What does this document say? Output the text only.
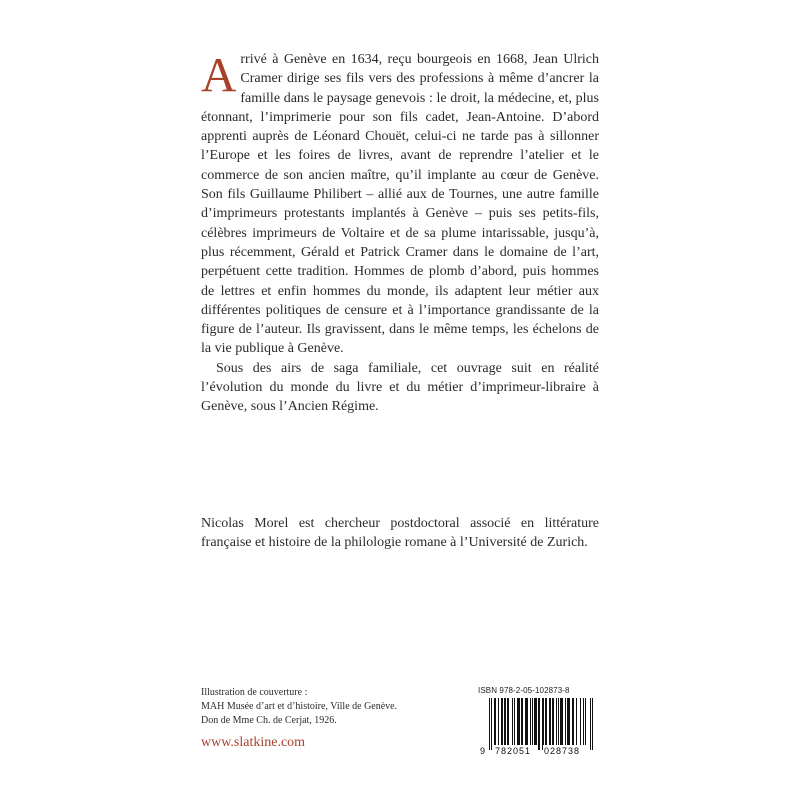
Arrivé à Genève en 1634, reçu bourgeois en 1668, Jean Ulrich Cramer dirige ses fils vers des professions à même d’ancrer la famille dans le paysage genevois : le droit, la médecine, et, plus étonnant, l’imprimerie pour son fils cadet, Jean-Antoine. D’abord apprenti auprès de Léonard Chouët, celui-ci ne tarde pas à sillonner l’Europe et les foires de livres, avant de reprendre l’atelier et le commerce de son ancien maître, qu’il implante au cœur de Genève. Son fils Guillaume Philibert – allié aux de Tournes, une autre famille d’imprimeurs protestants implantés à Genève – puis ses petits-fils, célèbres imprimeurs de Voltaire et de sa plume intarissable, jusqu’à, plus récemment, Gérald et Patrick Cramer dans le domaine de l’art, perpétuent cette tradition. Hommes de plomb d’abord, puis hommes de lettres et enfin hommes du monde, ils adaptent leur métier aux différentes politiques de censure et à l’importance grandissante de la figure de l’auteur. Ils gravissent, dans le même temps, les échelons de la vie publique à Genève.

Sous des airs de saga familiale, cet ouvrage suit en réalité l’évolution du monde du livre et du métier d’imprimeur-libraire à Genève, sous l’Ancien Régime.

Nicolas Morel est chercheur postdoctoral associé en littérature française et histoire de la philologie romane à l’Université de Zurich.

Illustration de couverture :
MAH Musée d’art et d’histoire, Ville de Genève.
Don de Mme Ch. de Cerjat, 1926.
www.slatkine.com
ISBN 978-2-05-102873-8
9 782051 028738
